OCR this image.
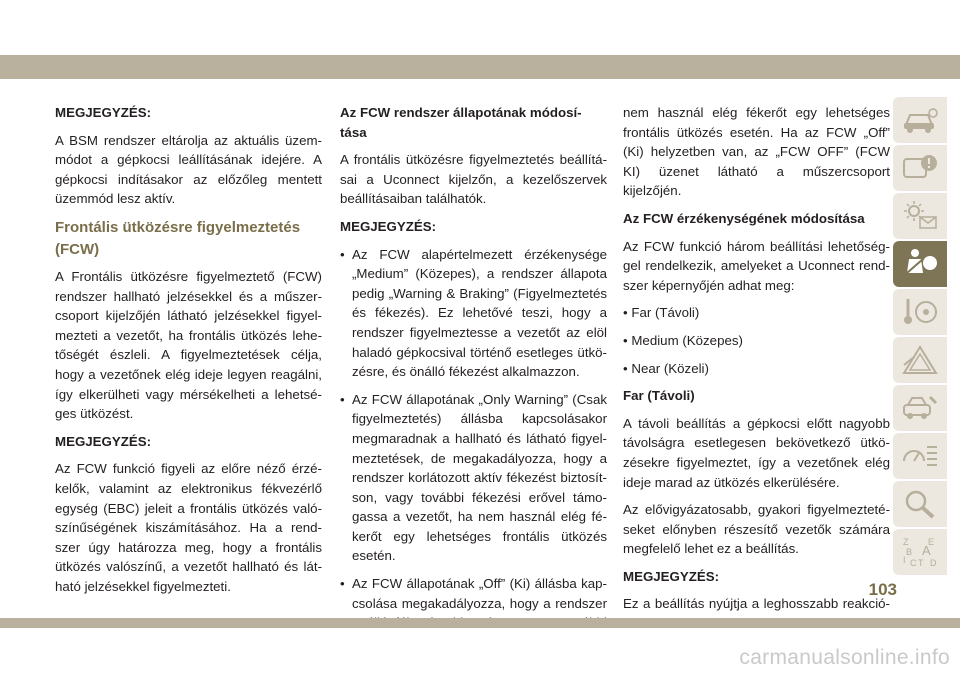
MEGJEGYZÉS:

A BSM rendszer eltárolja az aktuális üzem- módot a gépkocsi leállításának idejére. A gépkocsi indításakor az előzőleg mentett üzemmód lesz aktív.

Frontális ütközésre figyelmeztetés
(FCW)

A Frontális ütközésre figyelmeztető (FCW) rendszer hallható jelzésekkel és a műszer- csoport kijelzőjén látható jelzésekkel figyel- mezteti a vezetőt, ha frontális ütközés lehe- tőségét észleli. A figyelmeztetések célja, hogy a vezetőnek elég ideje legyen reagálni, így elkerülheti vagy mérsékelheti a lehetsé- ges ütközést.

MEGJEGYZÉS:

Az FCW funkció figyeli az előre néző érzé- kelők, valamint az elektronikus fékvezérlő egység (EBC) jeleit a frontális ütközés való- színűségének kiszámításához. Ha a rend- szer úgy határozza meg, hogy a frontális ütközés valószínű, a vezetőt hallható és lát- ható jelzésekkel figyelmezteti.

Az FCW rendszer állapotának módosí-
tása

A frontális ütközésre figyelmeztetés beállítá- sai a Uconnect kijelzőn, a kezelőszervek beállításaiban találhatók.

MEGJEGYZÉS:

• Az FCW alapértelmezett érzékenysége „Medium” (Közepes), a rendszer állapota pedig „Warning & Braking” (Figyelmeztetés és fékezés). Ez lehetővé teszi, hogy a rendszer figyelmeztesse a vezetőt az elöl haladó gépkocsival történő esetleges ütkö- zésre, és önálló fékezést alkalmazzon.
• Az FCW állapotának „Only Warning” (Csak figyelmeztetés) állásba kapcsolásakor megmaradnak a hallható és látható figyel- meztetések, de megakadályozza, hogy a rendszer korlátozott aktív fékezést biztosít- son, vagy további fékezési erővel támo- gassa a vezetőt, ha nem használ elég fé- kerőt egy lehetséges frontális ütközés esetén.
• Az FCW állapotának „Off” (Ki) állásba kap- csolása megakadályozza, hogy a rendszer

nem használ elég fékerőt egy lehetséges frontális ütközés esetén. Ha az FCW „Off” (Ki) helyzetben van, az „FCW OFF” (FCW KI) üzenet látható a műszercsoport kijelzőjén.

Az FCW érzékenységének módosítása

Az FCW funkció három beállítási lehetőség- gel rendelkezik, amelyeket a Uconnect rend- szer képernyőjén adhat meg:

• Far (Távoli)
• Medium (Közepes)
• Near (Közeli)

Far (Távoli)

A távoli beállítás a gépkocsi előtt nagyobb távolságra esetlegesen bekövetkező ütkö- zésekre figyelmeztet, így a vezetőnek elég ideje marad az ütközés elkerülésére.

Az elővigyázatosabb, gyakori figyelmezteté- seket előnyben részesítő vezetők számára megfelelő lehet ez a beállítás.

MEGJEGYZÉS:

Ez a beállítás nyújtja a leghosszabb reakció-

Z E
B A
C D
I T
103
carmanualsonline.info
